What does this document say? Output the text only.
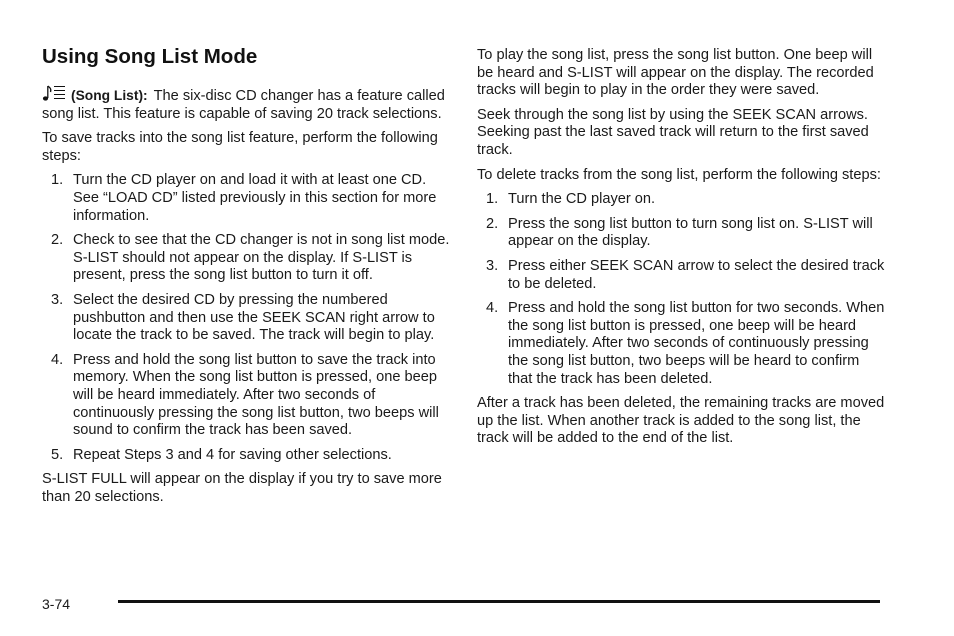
Using Song List Mode

(Song List): The six-disc CD changer has a feature called song list. This feature is capable of saving 20 track selections.

To save tracks into the song list feature, perform the following steps:

1. Turn the CD player on and load it with at least one CD. See “LOAD CD” listed previously in this section for more information.
2. Check to see that the CD changer is not in song list mode. S-LIST should not appear on the display. If S-LIST is present, press the song list button to turn it off.
3. Select the desired CD by pressing the numbered pushbutton and then use the SEEK SCAN right arrow to locate the track to be saved. The track will begin to play.
4. Press and hold the song list button to save the track into memory. When the song list button is pressed, one beep will be heard immediately. After two seconds of continuously pressing the song list button, two beeps will sound to confirm the track has been saved.
5. Repeat Steps 3 and 4 for saving other selections.

S-LIST FULL will appear on the display if you try to save more than 20 selections.

To play the song list, press the song list button. One beep will be heard and S-LIST will appear on the display. The recorded tracks will begin to play in the order they were saved.

Seek through the song list by using the SEEK SCAN arrows. Seeking past the last saved track will return to the first saved track.

To delete tracks from the song list, perform the following steps:

1. Turn the CD player on.
2. Press the song list button to turn song list on. S-LIST will appear on the display.
3. Press either SEEK SCAN arrow to select the desired track to be deleted.
4. Press and hold the song list button for two seconds. When the song list button is pressed, one beep will be heard immediately. After two seconds of continuously pressing the song list button, two beeps will be heard to confirm that the track has been deleted.

After a track has been deleted, the remaining tracks are moved up the list. When another track is added to the song list, the track will be added to the end of the list.

3-74
